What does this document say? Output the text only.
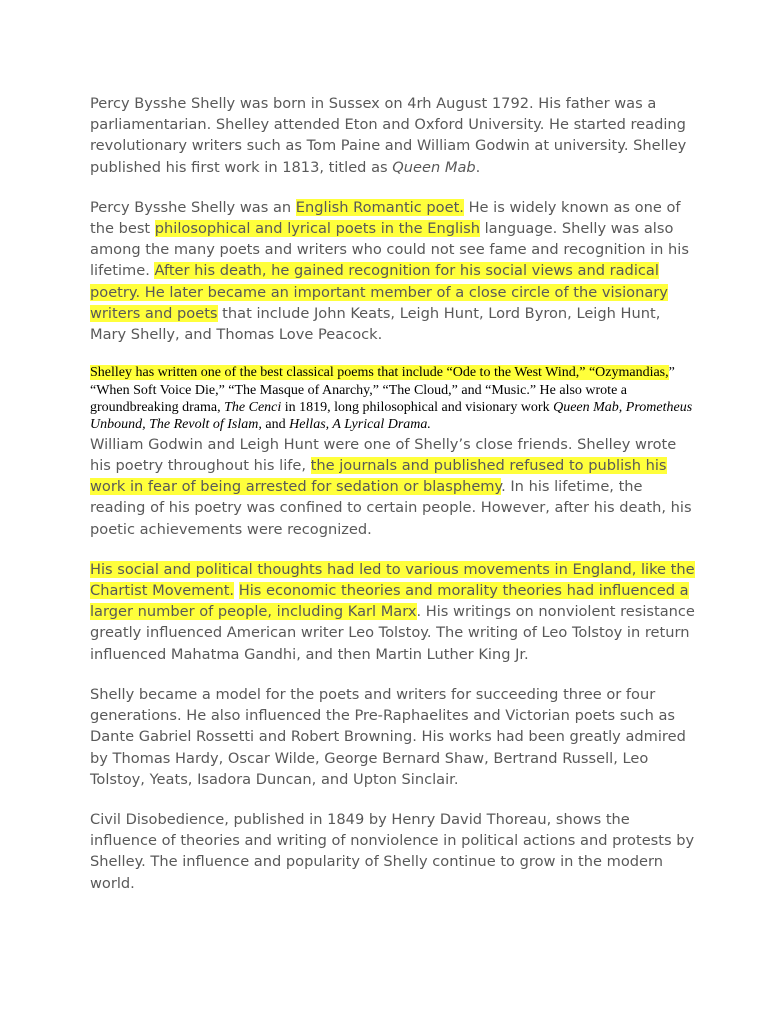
Percy Bysshe Shelly was born in Sussex on 4rh August 1792. His father was a parliamentarian. Shelley attended Eton and Oxford University. He started reading revolutionary writers such as Tom Paine and William Godwin at university. Shelley published his first work in 1813, titled as Queen Mab.

Percy Bysshe Shelly was an English Romantic poet. He is widely known as one of the best philosophical and lyrical poets in the English language. Shelly was also among the many poets and writers who could not see fame and recognition in his lifetime. After his death, he gained recognition for his social views and radical poetry. He later became an important member of a close circle of the visionary writers and poets that include John Keats, Leigh Hunt, Lord Byron, Leigh Hunt, Mary Shelly, and Thomas Love Peacock.

Shelley has written one of the best classical poems that include “Ode to the West Wind,” “Ozymandias,” “When Soft Voice Die,” “The Masque of Anarchy,” “The Cloud,” and “Music.” He also wrote a groundbreaking drama, The Cenci in 1819, long philosophical and visionary work Queen Mab, Prometheus Unbound, The Revolt of Islam, and Hellas, A Lyrical Drama.

William Godwin and Leigh Hunt were one of Shelly’s close friends. Shelley wrote his poetry throughout his life, the journals and published refused to publish his work in fear of being arrested for sedation or blasphemy. In his lifetime, the reading of his poetry was confined to certain people. However, after his death, his poetic achievements were recognized.

His social and political thoughts had led to various movements in England, like the Chartist Movement. His economic theories and morality theories had influenced a larger number of people, including Karl Marx. His writings on nonviolent resistance greatly influenced American writer Leo Tolstoy. The writing of Leo Tolstoy in return influenced Mahatma Gandhi, and then Martin Luther King Jr.

Shelly became a model for the poets and writers for succeeding three or four generations. He also influenced the Pre-Raphaelites and Victorian poets such as Dante Gabriel Rossetti and Robert Browning. His works had been greatly admired by Thomas Hardy, Oscar Wilde, George Bernard Shaw, Bertrand Russell, Leo Tolstoy, Yeats, Isadora Duncan, and Upton Sinclair.

Civil Disobedience, published in 1849 by Henry David Thoreau, shows the influence of theories and writing of nonviolence in political actions and protests by Shelley. The influence and popularity of Shelly continue to grow in the modern world.
